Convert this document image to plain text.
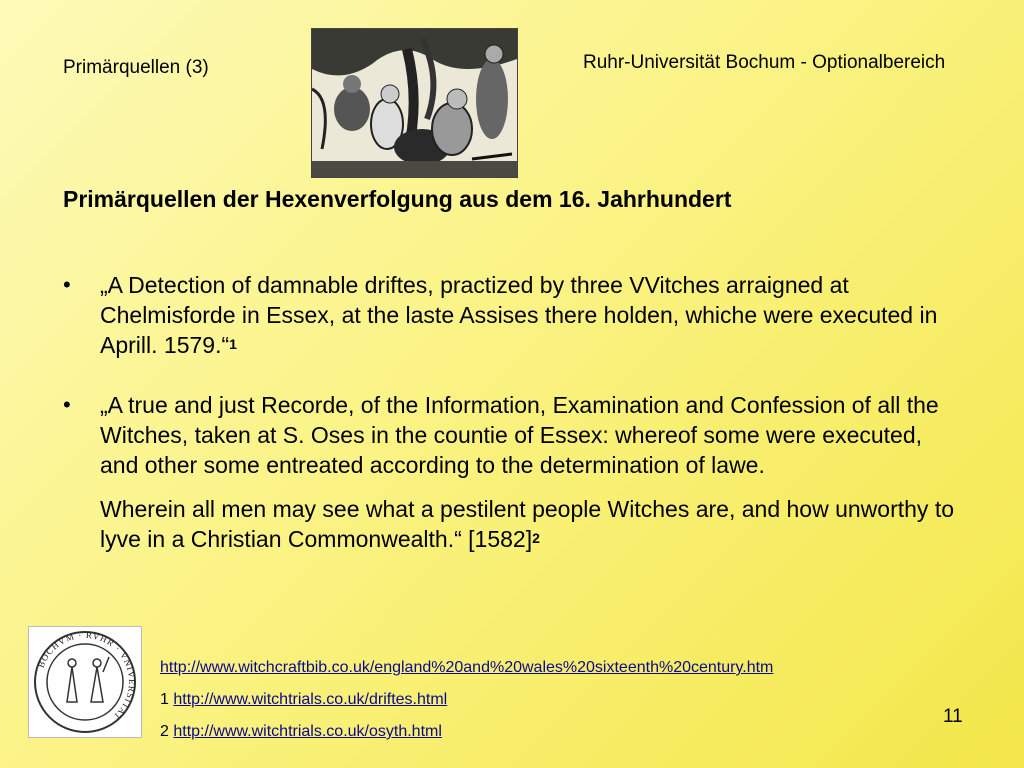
Primärquellen (3)	Ruhr-Universität Bochum - Optionalbereich
Primärquellen der Hexenverfolgung aus dem 16. Jahrhundert
• „A Detection of damnable driftes, practized by three VVitches arraigned at Chelmisforde in Essex, at the laste Assises there holden, whiche were executed in Aprill. 1579.“$^1$
• „A true and just Recorde, of the Information, Examination and Confession of all the Witches, taken at S. Oses in the countie of Essex: whereof some were executed, and other some entreated according to the determination of lawe.
Wherein all men may see what a pestilent people Witches are, and how unworthy to lyve in a Christian Commonwealth.“ $[1582]^2$
BOCHVM · RVHR · VNIVERSITAT
http://www.witchcraftbib.co.uk/england%20and%20wales%20sixteenth%20century.htm
1 http://www.witchtrials.co.uk/driftes.html
2 http://www.witchtrials.co.uk/osyth.html
11
